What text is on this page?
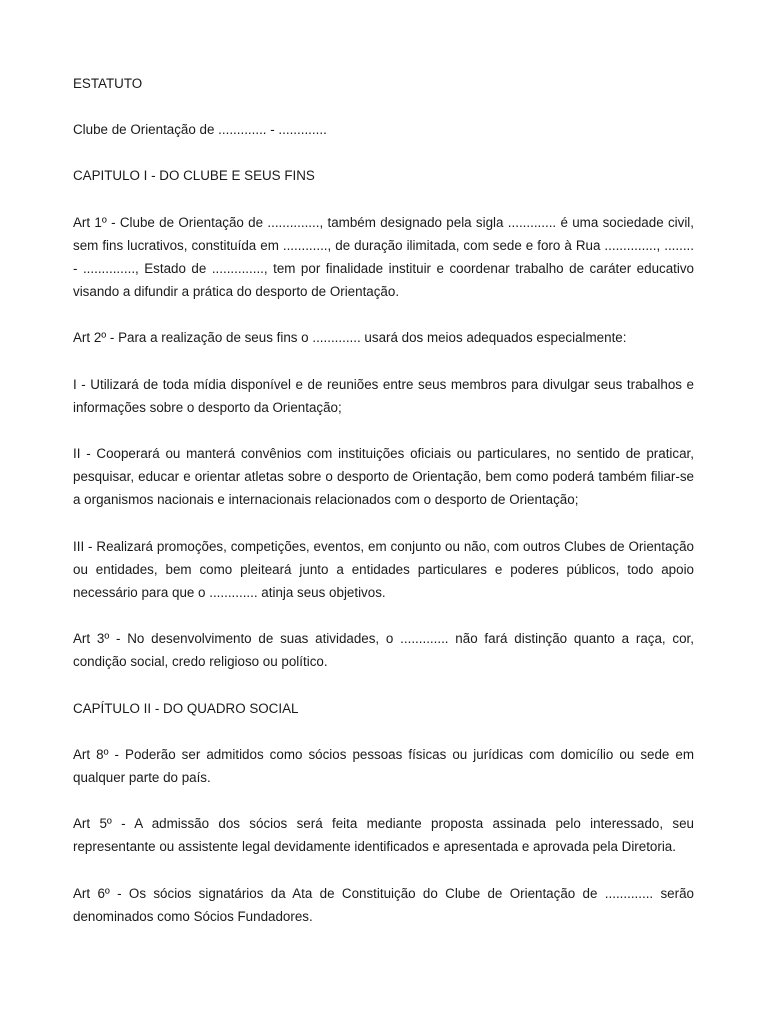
ESTATUTO

Clube de Orientação de ............. - .............

CAPITULO I - DO CLUBE E SEUS FINS

Art 1º - Clube de Orientação de .............., também designado pela sigla ............. é uma sociedade civil, sem fins lucrativos, constituída em ............, de duração ilimitada, com sede e foro à Rua .............., ........ - .............., Estado de .............., tem por finalidade instituir e coordenar trabalho de caráter educativo visando a difundir a prática do desporto de Orientação.

Art 2º - Para a realização de seus fins o ............. usará dos meios adequados especialmente:

I - Utilizará de toda mídia disponível e de reuniões entre seus membros para divulgar seus trabalhos e informações sobre o desporto da Orientação;

II - Cooperará ou manterá convênios com instituições oficiais ou particulares, no sentido de praticar, pesquisar, educar e orientar atletas sobre o desporto de Orientação, bem como poderá também filiar-se a organismos nacionais e internacionais relacionados com o desporto de Orientação;

III - Realizará promoções, competições, eventos, em conjunto ou não, com outros Clubes de Orientação ou entidades, bem como pleiteará junto a entidades particulares e poderes públicos, todo apoio necessário para que o ............. atinja seus objetivos.

Art 3º - No desenvolvimento de suas atividades, o ............. não fará distinção quanto a raça, cor, condição social, credo religioso ou político.

CAPÍTULO II - DO QUADRO SOCIAL

Art 8º - Poderão ser admitidos como sócios pessoas físicas ou jurídicas com domicílio ou sede em qualquer parte do país.

Art 5º - A admissão dos sócios será feita mediante proposta assinada pelo interessado, seu representante ou assistente legal devidamente identificados e apresentada e aprovada pela Diretoria.

Art 6º - Os sócios signatários da Ata de Constituição do Clube de Orientação de ............. serão denominados como Sócios Fundadores.
